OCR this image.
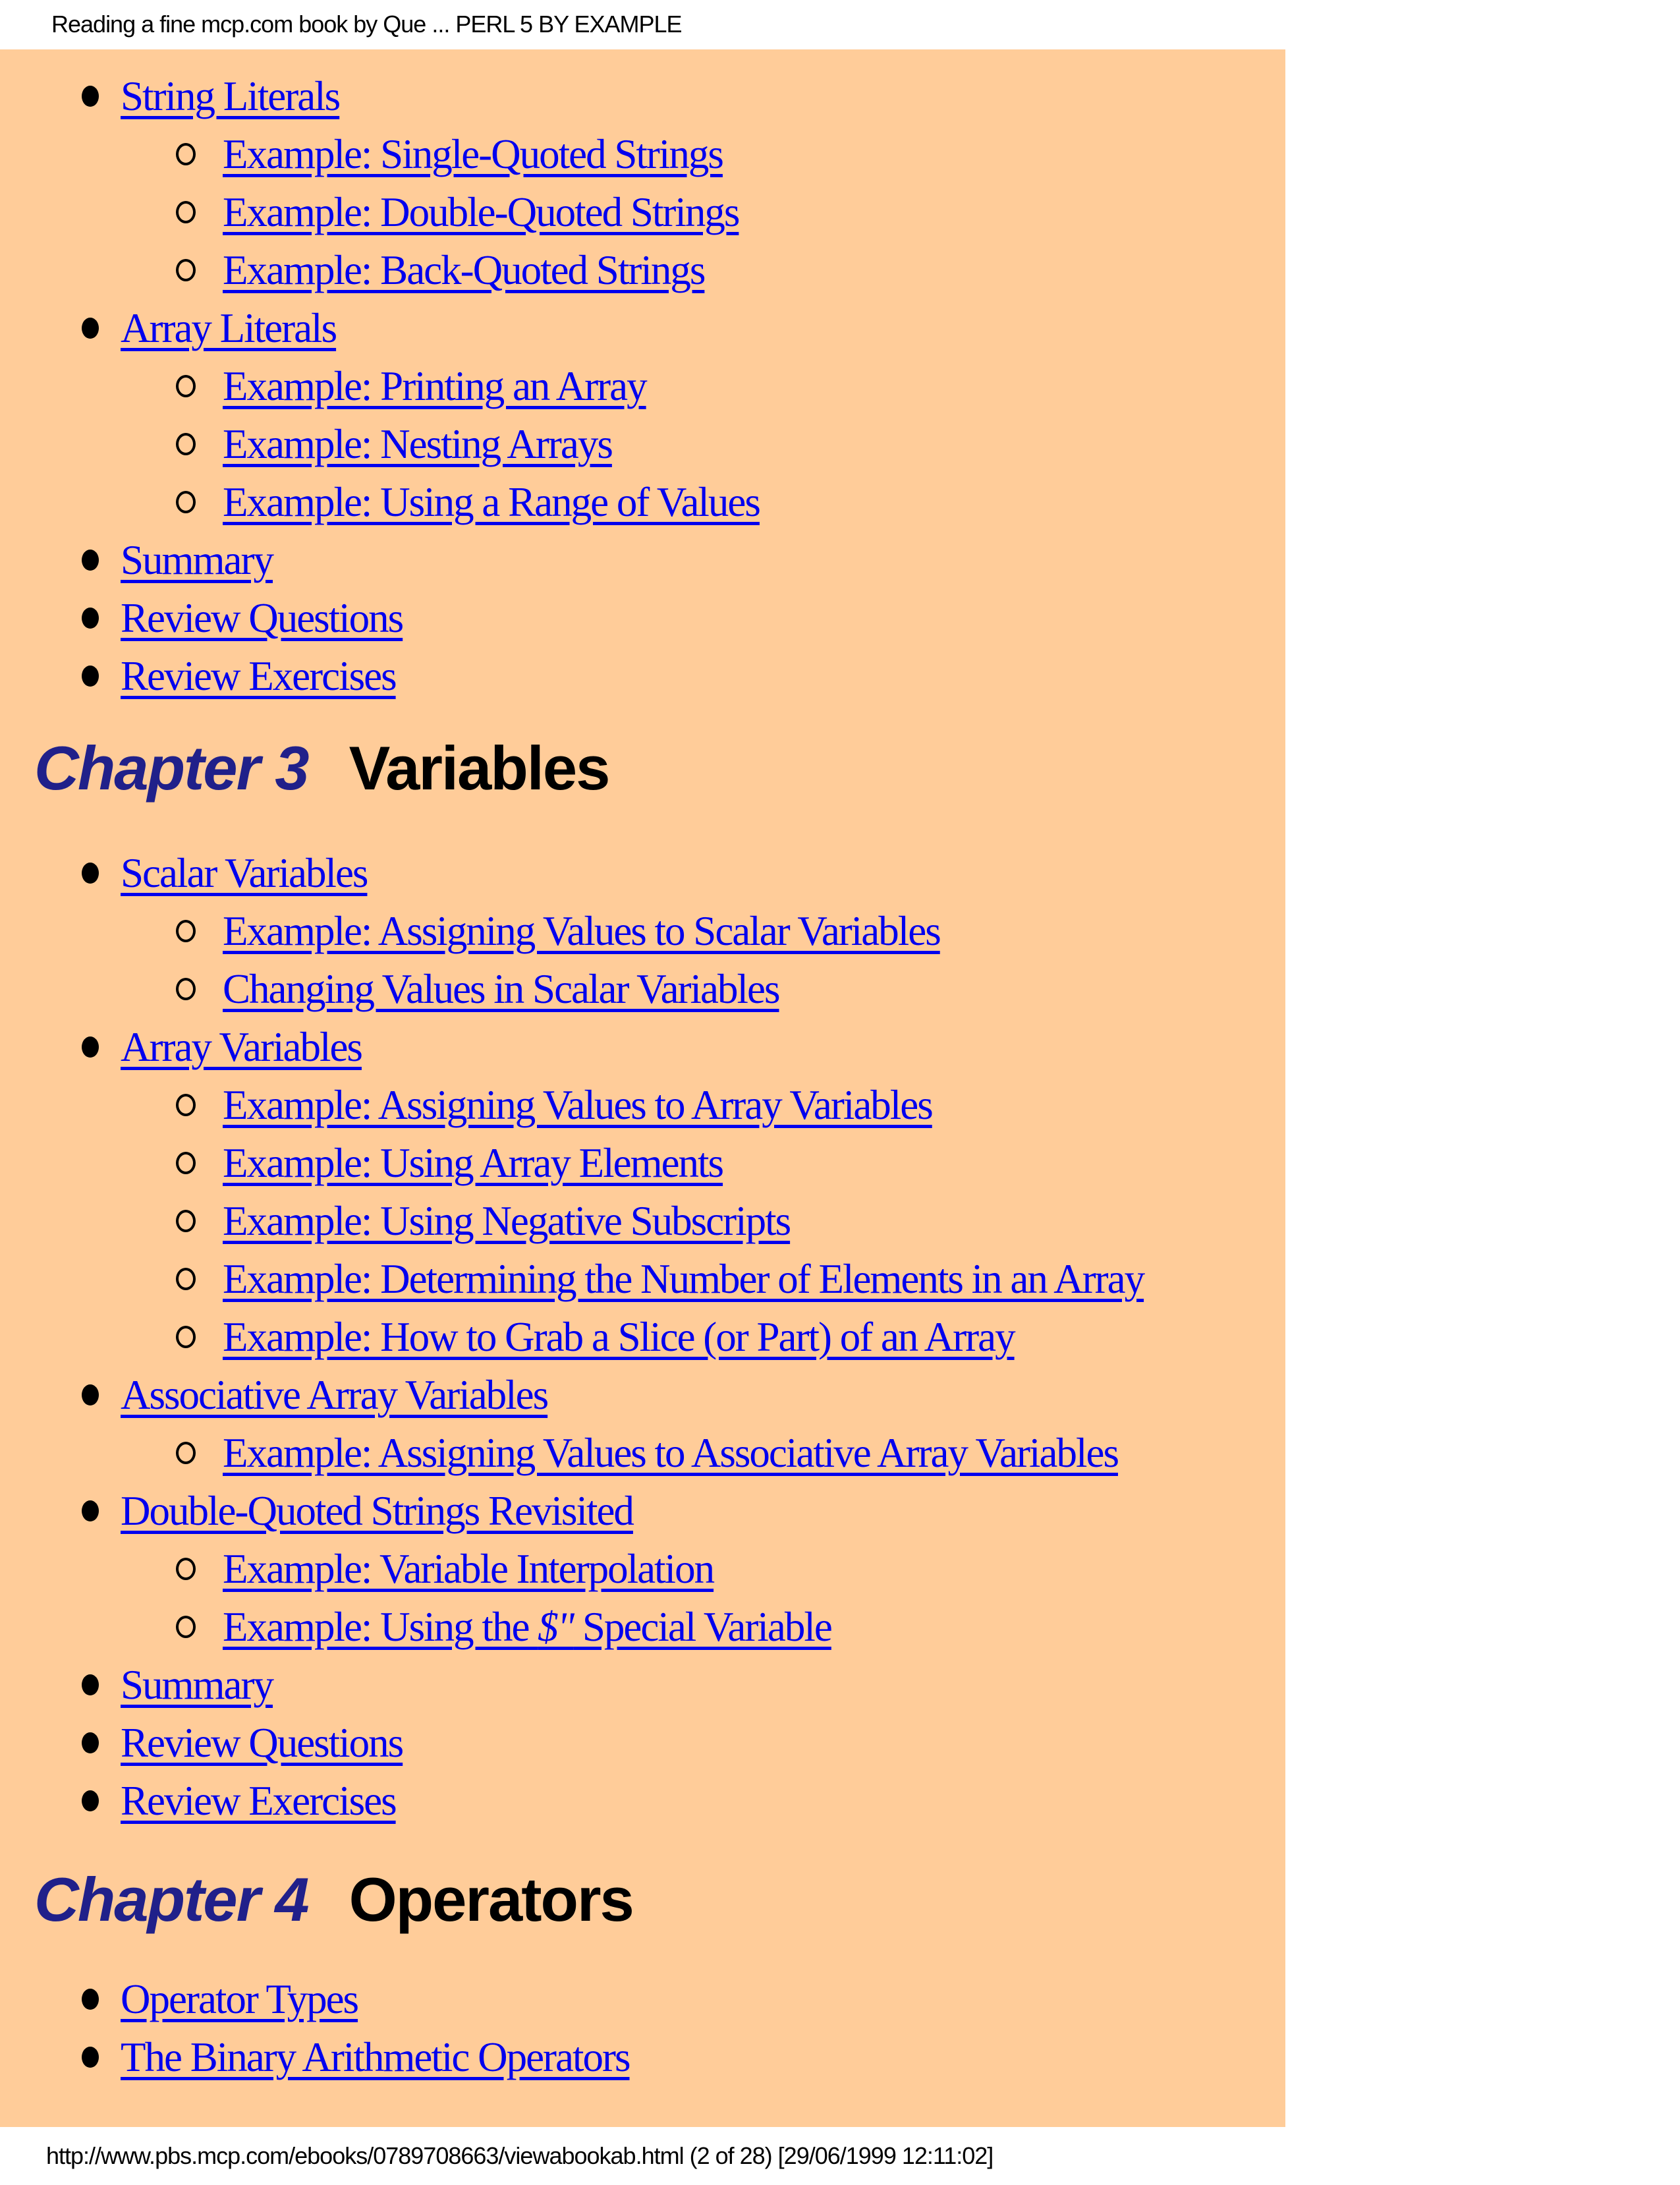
Reading a fine mcp.com book by Que ... PERL 5 BY EXAMPLE
String Literals
Example: Single-Quoted Strings
Example: Double-Quoted Strings
Example: Back-Quoted Strings
Array Literals
Example: Printing an Array
Example: Nesting Arrays
Example: Using a Range of Values
Summary
Review Questions
Review Exercises
Chapter 3 Variables
Scalar Variables
Example: Assigning Values to Scalar Variables
Changing Values in Scalar Variables
Array Variables
Example: Assigning Values to Array Variables
Example: Using Array Elements
Example: Using Negative Subscripts
Example: Determining the Number of Elements in an Array
Example: How to Grab a Slice (or Part) of an Array
Associative Array Variables
Example: Assigning Values to Associative Array Variables
Double-Quoted Strings Revisited
Example: Variable Interpolation
Example: Using the $" Special Variable
Summary
Review Questions
Review Exercises
Chapter 4 Operators
Operator Types
The Binary Arithmetic Operators
http://www.pbs.mcp.com/ebooks/0789708663/viewabookab.html (2 of 28) [29/06/1999 12:11:02]
